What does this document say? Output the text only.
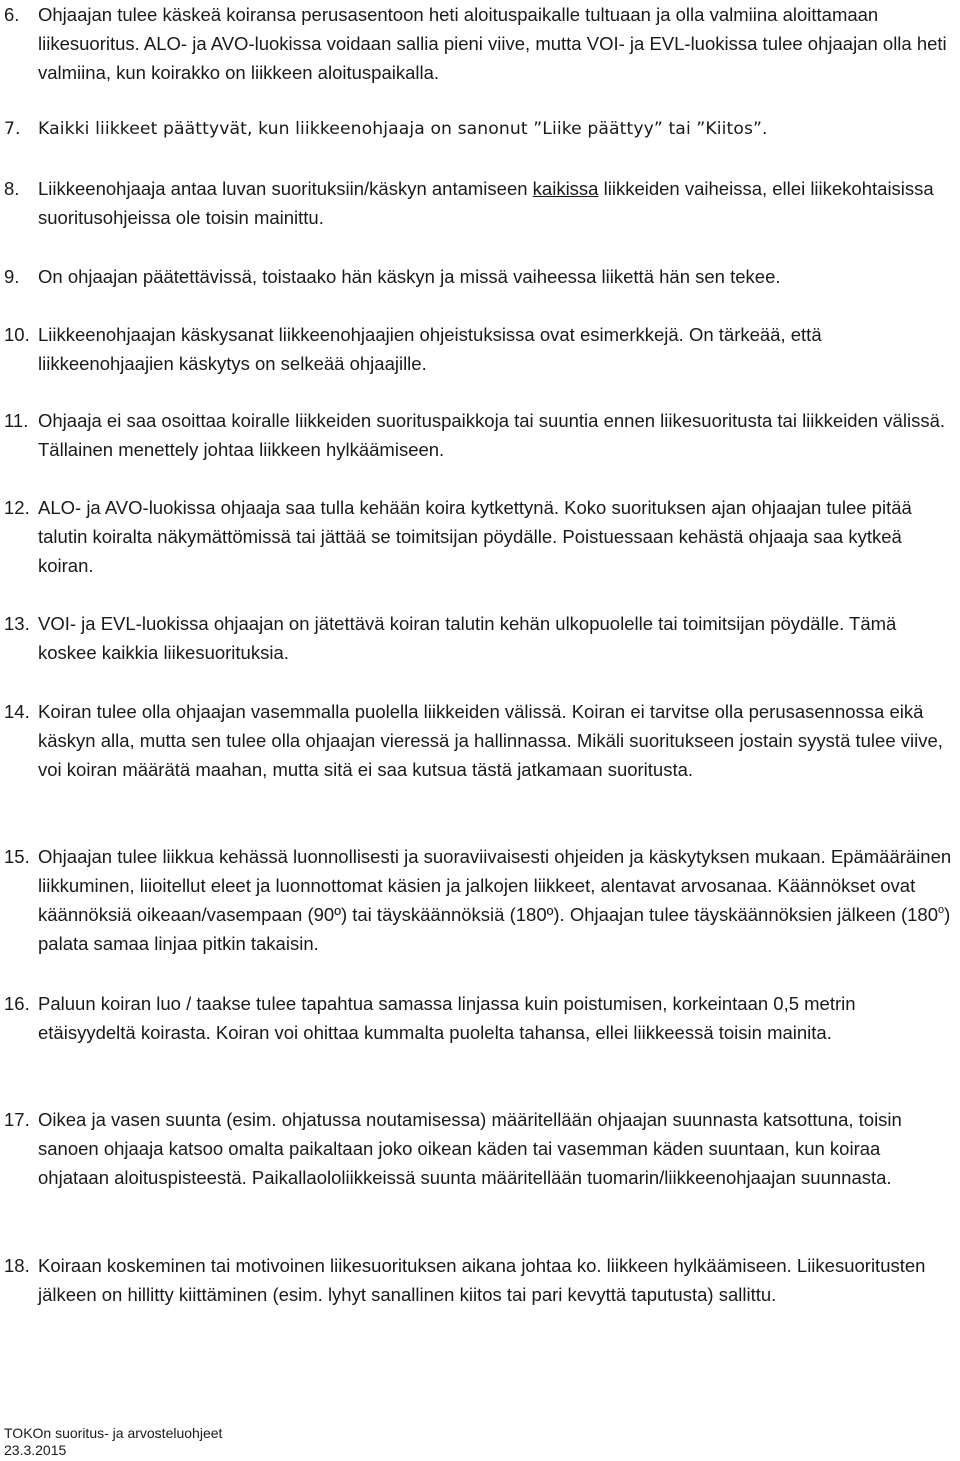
6.	Ohjaajan tulee käskeä koiransa perusasentoon heti aloituspaikalle tultuaan ja olla valmiina aloittamaan liikesuoritus. ALO- ja AVO-luokissa voidaan sallia pieni viive, mutta VOI- ja EVL-luokissa tulee ohjaajan olla heti valmiina, kun koirakko on liikkeen aloituspaikalla.
7.	Kaikki liikkeet päättyvät, kun liikkeenohjaaja on sanonut ”Liike päättyy” tai ”Kiitos”.
8.	Liikkeenohjaaja antaa luvan suorituksiin/käskyn antamiseen kaikissa liikkeiden vaiheissa, ellei liikekohtaisissa suoritusohjeissa ole toisin mainittu.
9.	On ohjaajan päätettävissä, toistaako hän käskyn ja missä vaiheessa liikettä hän sen tekee.
10. Liikkeenohjaajan käskysanat liikkeenohjaajien ohjeistuksissa ovat esimerkkejä. On tärkeää, että liikkeenohjaajien käskytys on selkeää ohjaajille.
11. Ohjaaja ei saa osoittaa koiralle liikkeiden suorituspaikkoja tai suuntia ennen liikesuoritusta tai liikkeiden välissä. Tällainen menettely johtaa liikkeen hylkäämiseen.
12. ALO- ja AVO-luokissa ohjaaja saa tulla kehään koira kytkettynä. Koko suorituksen ajan ohjaajan tulee pitää talutin koiralta näkymättömissä tai jättää se toimitsijan pöydälle. Poistuessaan kehästä ohjaaja saa kytkeä koiran.
13. VOI- ja EVL-luokissa ohjaajan on jätettävä koiran talutin kehän ulkopuolelle tai toimitsijan pöydälle. Tämä koskee kaikkia liikesuorituksia.
14. Koiran tulee olla ohjaajan vasemmalla puolella liikkeiden välissä. Koiran ei tarvitse olla perusasennossa eikä käskyn alla, mutta sen tulee olla ohjaajan vieressä ja hallinnassa. Mikäli suoritukseen jostain syystä tulee viive, voi koiran määrätä maahan, mutta sitä ei saa kutsua tästä jatkamaan suoritusta.
15. Ohjaajan tulee liikkua kehässä luonnollisesti ja suoraviivaisesti ohjeiden ja käskytyksen mukaan. Epämääräinen liikkuminen, liioitellut eleet ja luonnottomat käsien ja jalkojen liikkeet, alentavat arvosanaa. Käännökset ovat käännöksiä oikeaan/vasempaan (90º) tai täyskäännöksiä (180º). Ohjaajan tulee täyskäännöksien jälkeen (180$^o$) palata samaa linjaa pitkin takaisin.
16. Paluun koiran luo / taakse tulee tapahtua samassa linjassa kuin poistumisen, korkeintaan 0,5 metrin etäisyydeltä koirasta. Koiran voi ohittaa kummalta puolelta tahansa, ellei liikkeessä toisin mainita.
17. Oikea ja vasen suunta (esim. ohjatussa noutamisessa) määritellään ohjaajan suunnasta katsottuna, toisin sanoen ohjaaja katsoo omalta paikaltaan joko oikean käden tai vasemman käden suuntaan, kun koiraa ohjataan aloituspisteestä. Paikallaololiikkeissä suunta määritellään tuomarin/liikkeenohjaajan suunnasta.
18. Koiraan koskeminen tai motivoinen liikesuorituksen aikana johtaa ko. liikkeen hylkäämiseen. Liikesuoritusten jälkeen on hillitty kiittäminen (esim. lyhyt sanallinen kiitos tai pari kevyttä taputusta) sallittu.
TOKOn suoritus- ja arvosteluohjeet
23.3.2015
